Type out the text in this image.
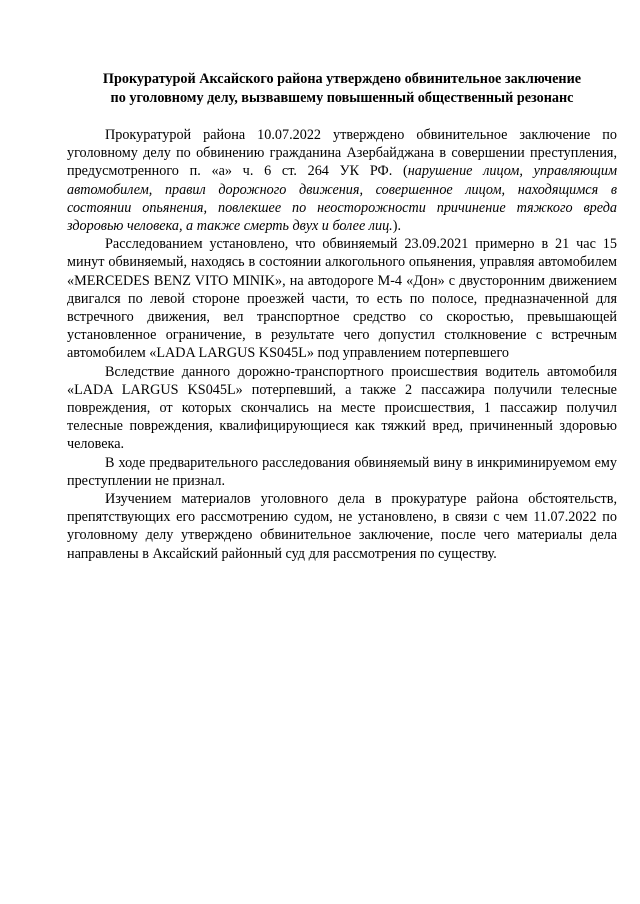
Прокуратурой Аксайского района утверждено обвинительное заключение
по уголовному делу, вызвавшему повышенный общественный резонанс

Прокуратурой района 10.07.2022 утверждено обвинительное заключение по уголовному делу по обвинению гражданина Азербайджана в совершении преступления, предусмотренного п. «а» ч. 6 ст. 264 УК РФ. (нарушение лицом, управляющим автомобилем, правил дорожного движения, совершенное лицом, находящимся в состоянии опьянения, повлекшее по неосторожности причинение тяжкого вреда здоровью человека, а также смерть двух и более лиц.).

Расследованием установлено, что обвиняемый 23.09.2021 примерно в 21 час 15 минут обвиняемый, находясь в состоянии алкогольного опьянения, управляя автомобилем «MERCEDES BENZ VITO MINIK», на автодороге М-4 «Дон» с двусторонним движением двигался по левой стороне проезжей части, то есть по полосе, предназначенной для встречного движения, вел транспортное средство со скоростью, превышающей установленное ограничение, в результате чего допустил столкновение с встречным автомобилем «LADA LARGUS KS045L» под управлением потерпевшего

Вследствие данного дорожно-транспортного происшествия водитель автомобиля «LADA LARGUS KS045L» потерпевший, а также 2 пассажира получили телесные повреждения, от которых скончались на месте происшествия, 1 пассажир получил телесные повреждения, квалифицирующиеся как тяжкий вред, причиненный здоровью человека.

В ходе предварительного расследования обвиняемый вину в инкриминируемом ему преступлении не признал.

Изучением материалов уголовного дела в прокуратуре района обстоятельств, препятствующих его рассмотрению судом, не установлено, в связи с чем 11.07.2022 по уголовному делу утверждено обвинительное заключение, после чего материалы дела направлены в Аксайский районный суд для рассмотрения по существу.
